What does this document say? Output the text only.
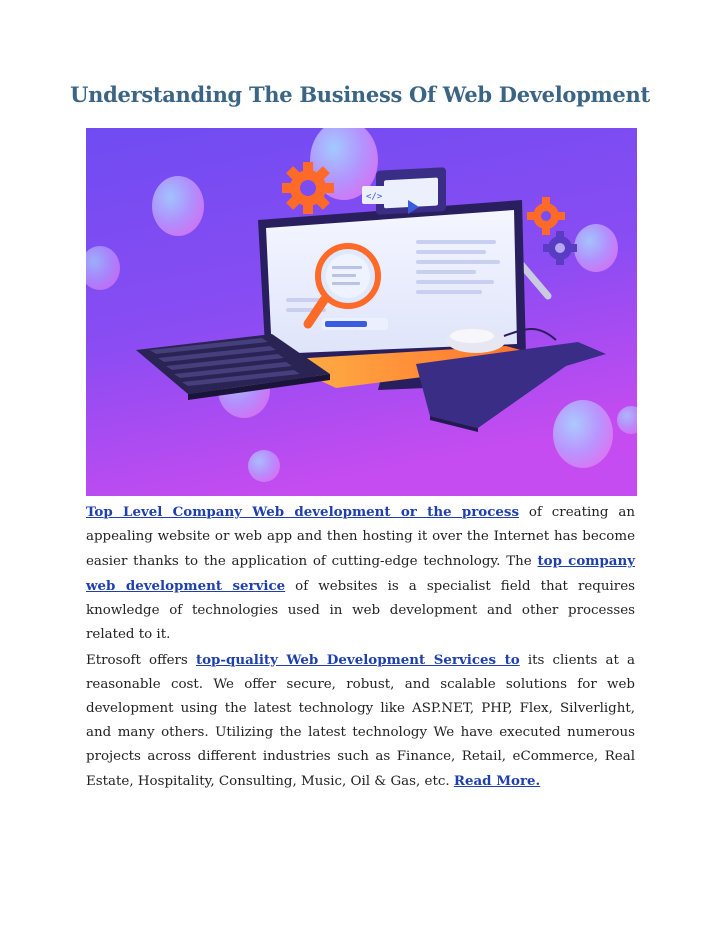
Understanding The Business Of Web Development
</>

Top Level Company Web development or the process of creating an appealing website or web app and then hosting it over the Internet has become easier thanks to the application of cutting-edge technology. The top company web development service of websites is a specialist field that requires knowledge of technologies used in web development and other processes related to it.

Etrosoft offers top-quality Web Development Services to its clients at a reasonable cost. We offer secure, robust, and scalable solutions for web development using the latest technology like ASP.NET, PHP, Flex, Silverlight, and many others. Utilizing the latest technology We have executed numerous projects across different industries such as Finance, Retail, eCommerce, Real Estate, Hospitality, Consulting, Music, Oil & Gas, etc. Read More.
